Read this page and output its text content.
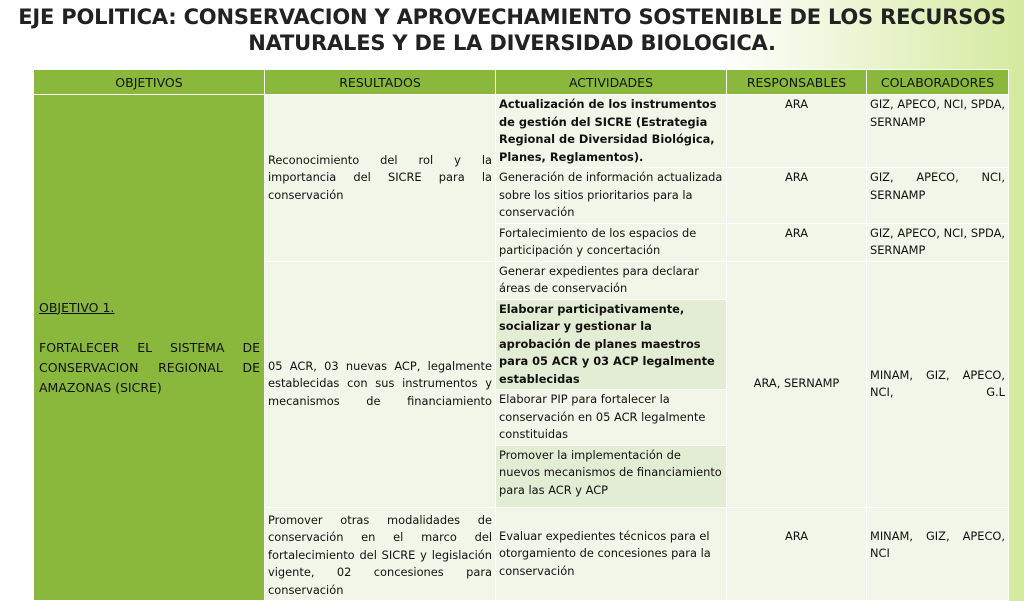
EJE POLITICA: CONSERVACION Y APROVECHAMIENTO SOSTENIBLE DE LOS RECURSOS
NATURALES Y DE LA DIVERSIDAD BIOLOGICA.
OBJETIVOS	RESULTADOS	ACTIVIDADES	RESPONSABLES	COLABORADORES

OBJETIVO 1.
FORTALECER EL SISTEMA DE CONSERVACION REGIONAL DE AMAZONAS (SICRE)	Reconocimiento del rol y la importancia del SICRE para la conservación	Actualización de los instrumentos de gestión del SICRE (Estrategia Regional de Diversidad Biológica, Planes, Reglamentos).	ARA	GIZ, APECO, NCI, SPDA, SERNAMP
		Generación de información actualizada sobre los sitios prioritarios para la conservación	ARA	GIZ, APECO, NCI, SERNAMP
		Fortalecimiento de los espacios de participación y concertación	ARA	GIZ, APECO, NCI, SPDA, SERNAMP
	05 ACR, 03 nuevas ACP, legalmente establecidas con sus instrumentos y mecanismos de financiamiento	Generar expedientes para declarar áreas de conservación	ARA, SERNAMP	MINAM, GIZ, APECO, NCI, G.L
		Elaborar participativamente, socializar y gestionar la aprobación de planes maestros para 05 ACR y 03 ACP legalmente establecidas		
		Elaborar PIP para fortalecer la conservación en 05 ACR legalmente constituidas		
		Promover la implementación de nuevos mecanismos de financiamiento para las ACR y ACP		
	Promover otras modalidades de conservación en el marco del fortalecimiento del SICRE y legislación vigente, 02 concesiones para conservación	Evaluar expedientes técnicos para el otorgamiento de concesiones para la conservación	ARA	MINAM, GIZ, APECO, NCI
